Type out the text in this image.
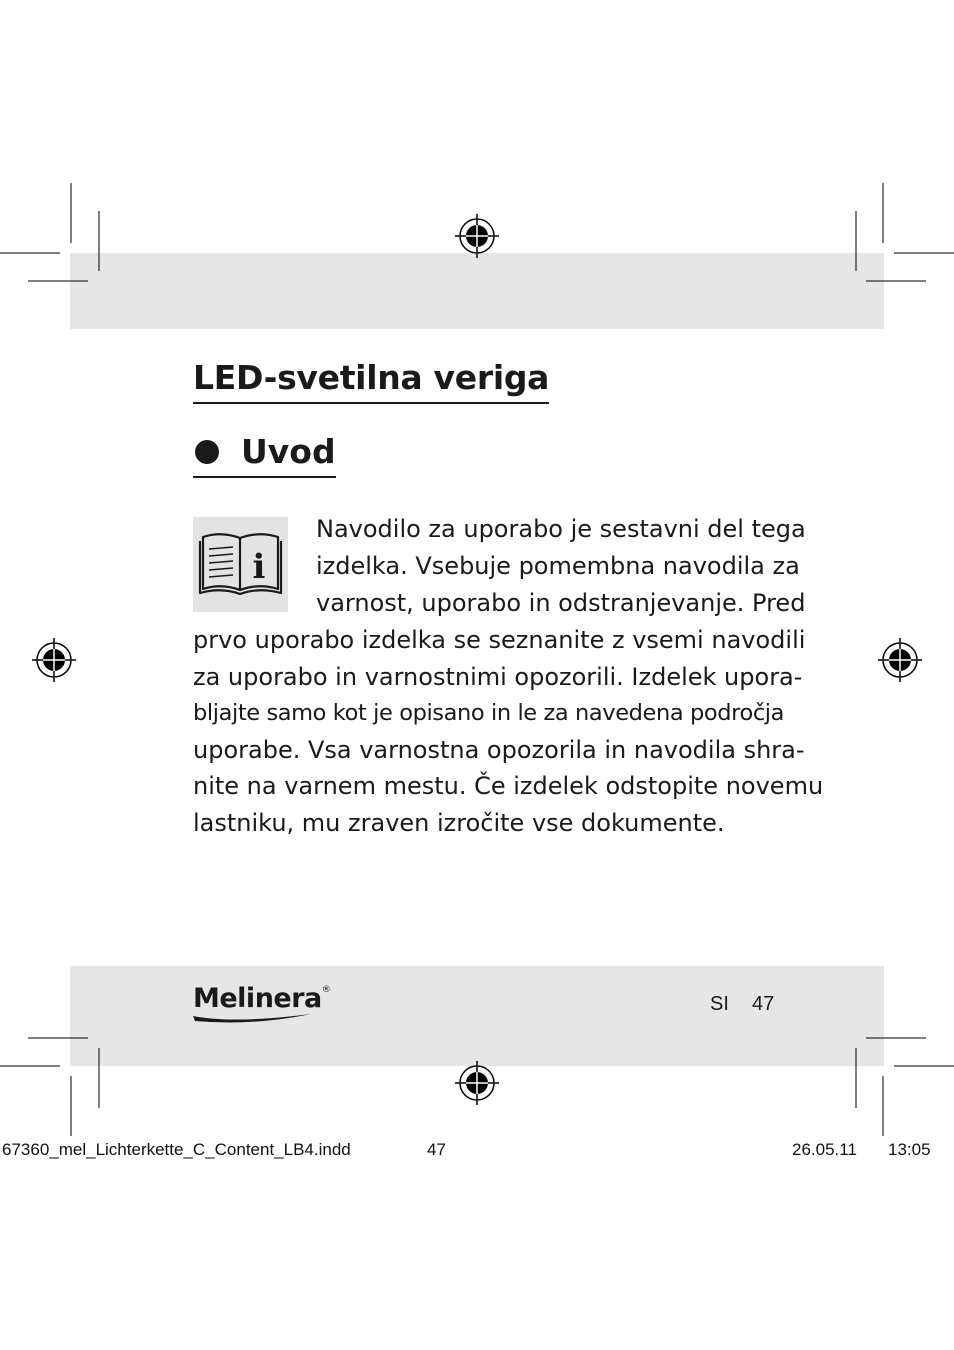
LED-svetilna veriga
Uvod
i
Navodilo za uporabo je sestavni del tega
izdelka. Vsebuje pomembna navodila za
varnost, uporabo in odstranjevanje. Pred
prvo uporabo izdelka se seznanite z vsemi navodili
za uporabo in varnostnimi opozorili. Izdelek upora-
bljajte samo kot je opisano in le za navedena področja
uporabe. Vsa varnostna opozorila in navodila shra-
nite na varnem mestu. Če izdelek odstopite novemu
lastniku, mu zraven izročite vse dokumente.
Melinera®
SI 47
67360_mel_Lichterkette_C_Content_LB4.indd	47	26.05.11 13:05
